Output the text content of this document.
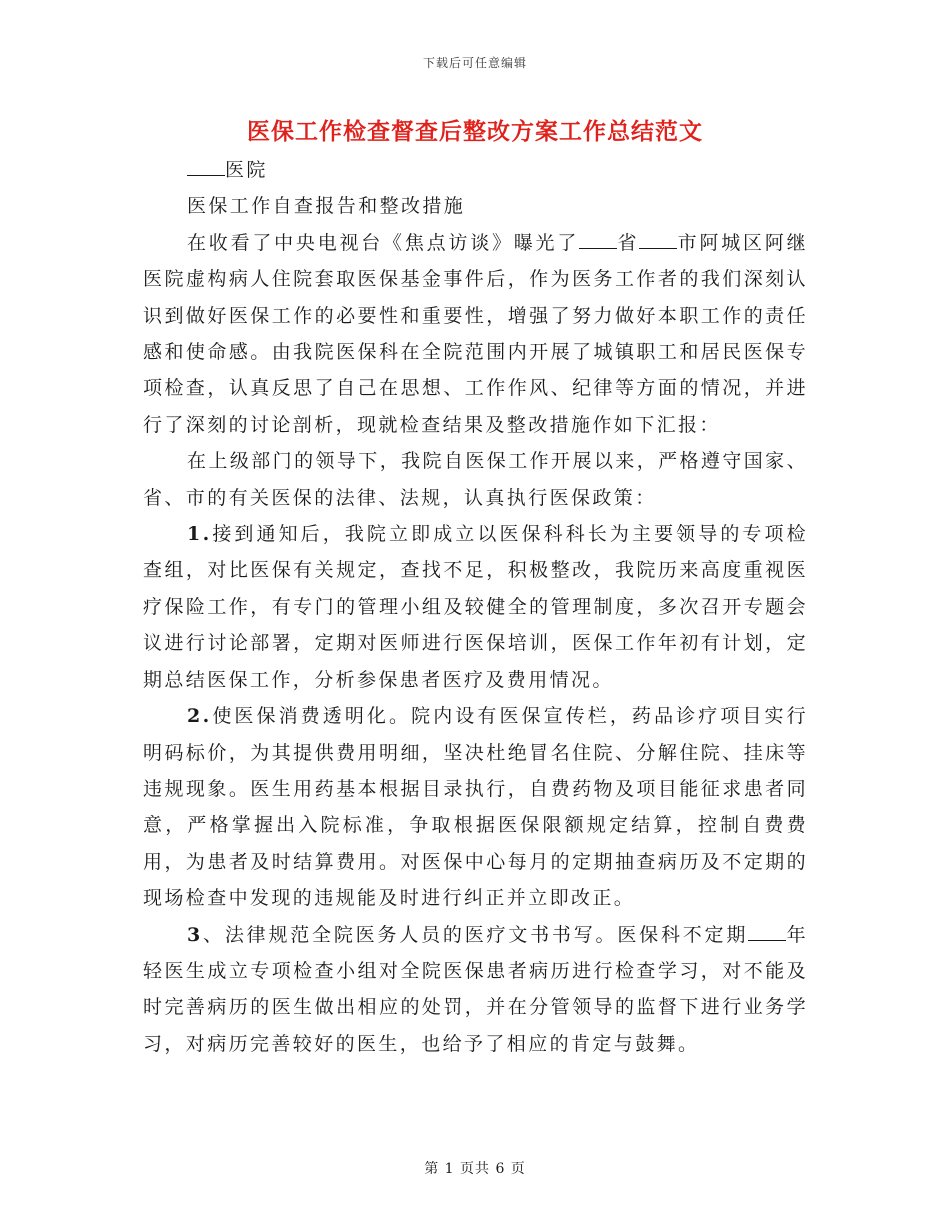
下载后可任意编辑
医保工作检查督查后整改方案工作总结范文

医院

医保工作自查报告和整改措施

在收看了中央电视台《焦点访谈》曝光了 省 市阿城区阿继医院虚构病人住院套取医保基金事件后，作为医务工作者的我们深刻认识到做好医保工作的必要性和重要性，增强了努力做好本职工作的责任感和使命感。由我院医保科在全院范围内开展了城镇职工和居民医保专项检查，认真反思了自己在思想、工作作风、纪律等方面的情况，并进行了深刻的讨论剖析，现就检查结果及整改措施作如下汇报：

在上级部门的领导下，我院自医保工作开展以来，严格遵守国家、省、市的有关医保的法律、法规，认真执行医保政策：

1.接到通知后，我院立即成立以医保科科长为主要领导的专项检查组，对比医保有关规定，查找不足，积极整改，我院历来高度重视医疗保险工作，有专门的管理小组及较健全的管理制度，多次召开专题会议进行讨论部署，定期对医师进行医保培训，医保工作年初有计划，定期总结医保工作，分析参保患者医疗及费用情况。

2.使医保消费透明化。院内设有医保宣传栏，药品诊疗项目实行明码标价，为其提供费用明细，坚决杜绝冒名住院、分解住院、挂床等违规现象。医生用药基本根据目录执行，自费药物及项目能征求患者同意，严格掌握出入院标准，争取根据医保限额规定结算，控制自费费用，为患者及时结算费用。对医保中心每月的定期抽查病历及不定期的现场检查中发现的违规能及时进行纠正并立即改正。

3、法律规范全院医务人员的医疗文书书写。医保科不定期 年轻医生成立专项检查小组对全院医保患者病历进行检查学习，对不能及时完善病历的医生做出相应的处罚，并在分管领导的监督下进行业务学习，对病历完善较好的医生，也给予了相应的肯定与鼓舞。

第 1 页共 6 页
